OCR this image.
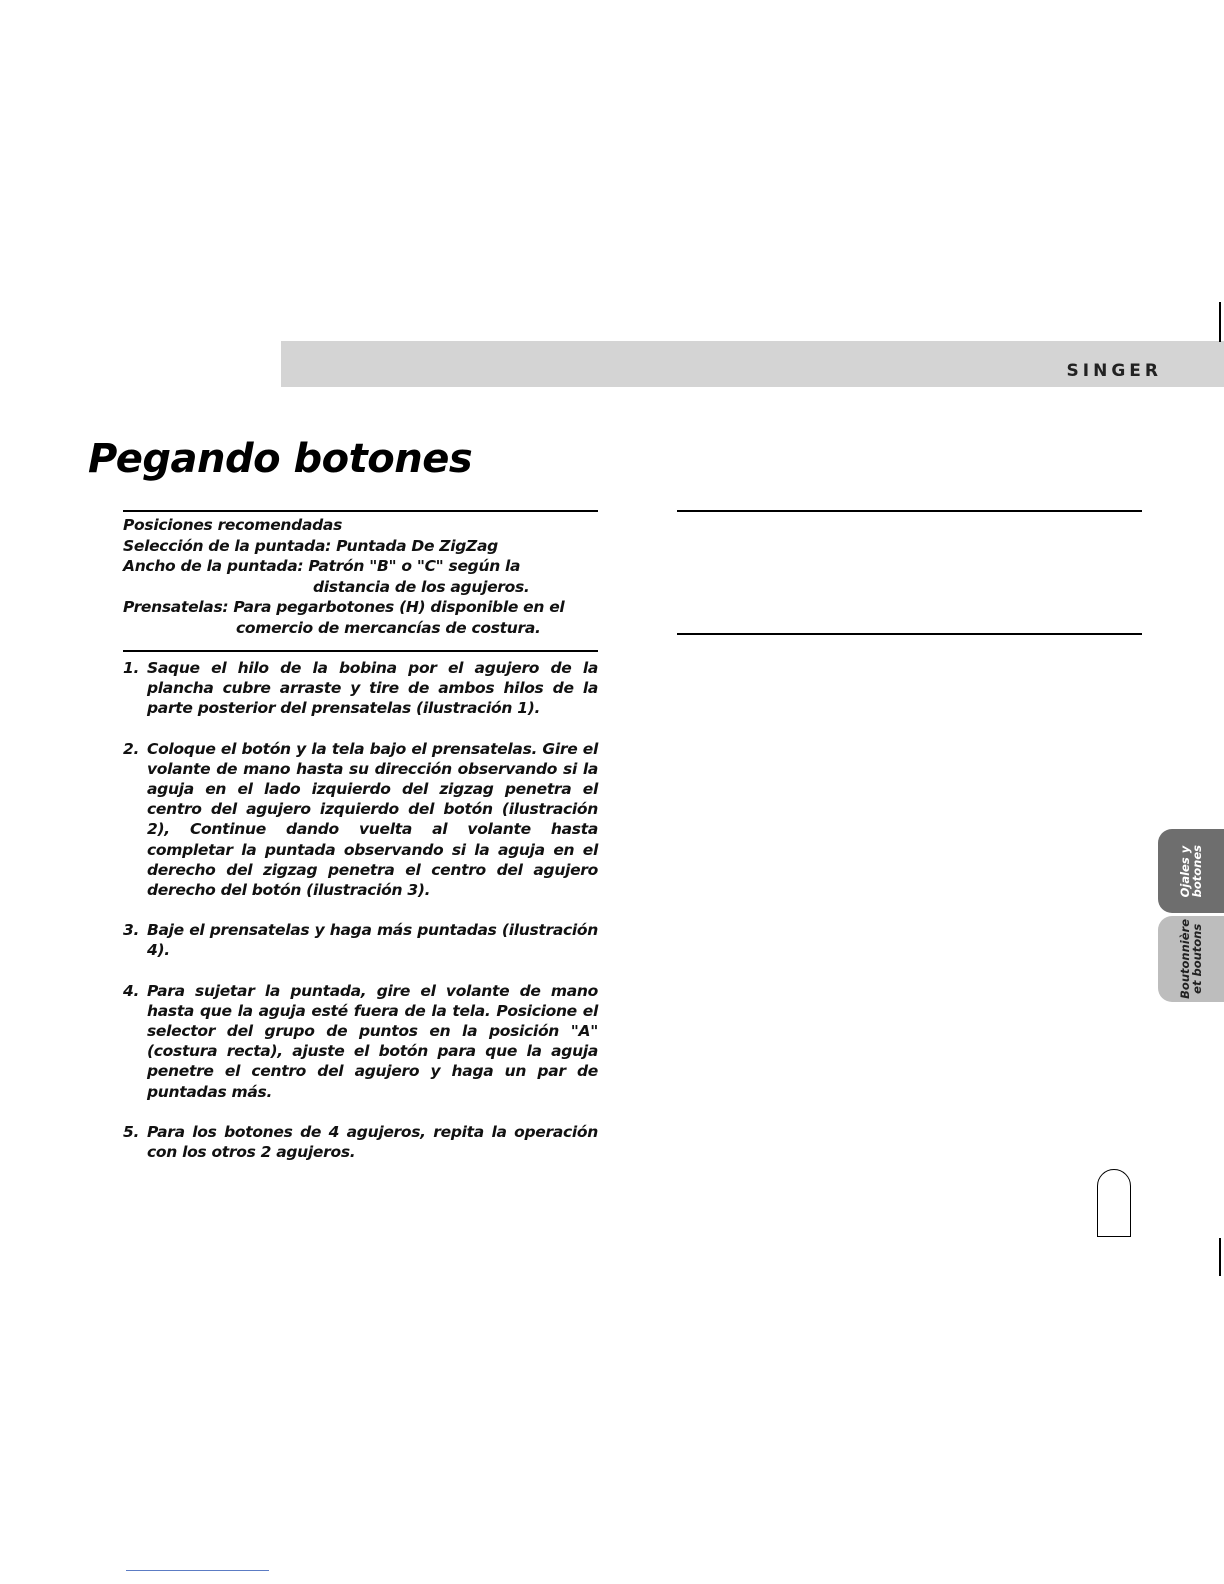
SINGER
Pegando botones
Posiciones recomendadas
Selección de la puntada: Puntada De ZigZag
Ancho de la puntada: Patrón "B" o "C" según la
distancia de los agujeros.
Prensatelas: Para pegarbotones (H) disponible en el
comercio de mercancías de costura.
1. Saque el hilo de la bobina por el agujero de la plancha cubre arraste y tire de ambos hilos de la parte posterior del prensatelas (ilustración 1).
2. Coloque el botón y la tela bajo el prensatelas. Gire el volante de mano hasta su dirección observando si la aguja en el lado izquierdo del zigzag penetra el centro del agujero izquierdo del botón (ilustración 2), Continue dando vuelta al volante hasta completar la puntada observando si la aguja en el derecho del zigzag penetra el centro del agujero derecho del botón (ilustración 3).
3. Baje el prensatelas y haga más puntadas (ilustración 4).
4. Para sujetar la puntada, gire el volante de mano hasta que la aguja esté fuera de la tela. Posicione el selector del grupo de puntos en la posición "A" (costura recta), ajuste el botón para que la aguja penetre el centro del agujero y haga un par de puntadas más.
5. Para los botones de 4 agujeros, repita la operación con los otros 2 agujeros.
Ojales y
botones
Boutonnière
et boutons
